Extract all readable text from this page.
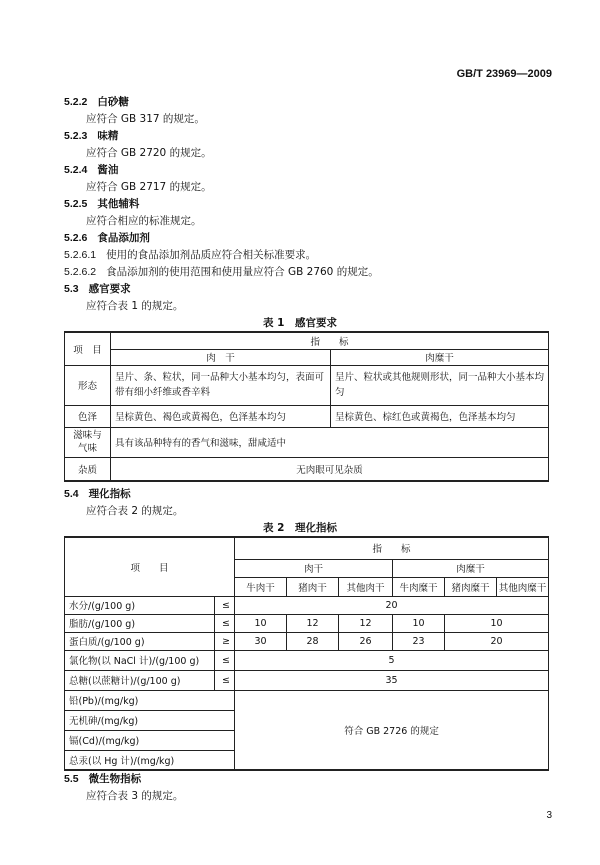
GB/T 23969—2009
5.2.2 白砂糖
应符合 GB 317 的规定。
5.2.3 味精
应符合 GB 2720 的规定。
5.2.4 酱油
应符合 GB 2717 的规定。
5.2.5 其他辅料
应符合相应的标准规定。
5.2.6 食品添加剂
5.2.6.1 使用的食品添加剂品质应符合相关标准要求。
5.2.6.2 食品添加剂的使用范围和使用量应符合 GB 2760 的规定。
5.3 感官要求
应符合表 1 的规定。
表 1　感官要求
项　目	指　　标	
	肉　干	肉糜干
形态	呈片、条、粒状，同一品种大小基本均匀，表面可带有细小纤维或香辛料	呈片、粒状或其他规则形状，同一品种大小基本均匀
色泽	呈棕黄色、褐色或黄褐色，色泽基本均匀	呈棕黄色、棕红色或黄褐色，色泽基本均匀
滋味与气味	具有该品种特有的香气和滋味，甜咸适中	
杂质	无肉眼可见杂质	
5.4 理化指标
应符合表 2 的规定。
表 2　理化指标
项　　目		指　　标					
		肉干			肉糜干		
		牛肉干	猪肉干	其他肉干	牛肉糜干	猪肉糜干	其他肉糜干
水分/(g/100 g)	≤	20					
脂肪/(g/100 g)	≤	10	12	12	10	10	
蛋白质/(g/100 g)	≥	30	28	26	23	20	
氯化物(以 NaCl 计)/(g/100 g)	≤	5					
总糖(以蔗糖计)/(g/100 g)	≤	35					
铅(Pb)/(mg/kg)		符合 GB 2726 的规定					
无机砷/(mg/kg)							
镉(Cd)/(mg/kg)							
总汞(以 Hg 计)/(mg/kg)							
5.5 微生物指标
应符合表 3 的规定。
3
